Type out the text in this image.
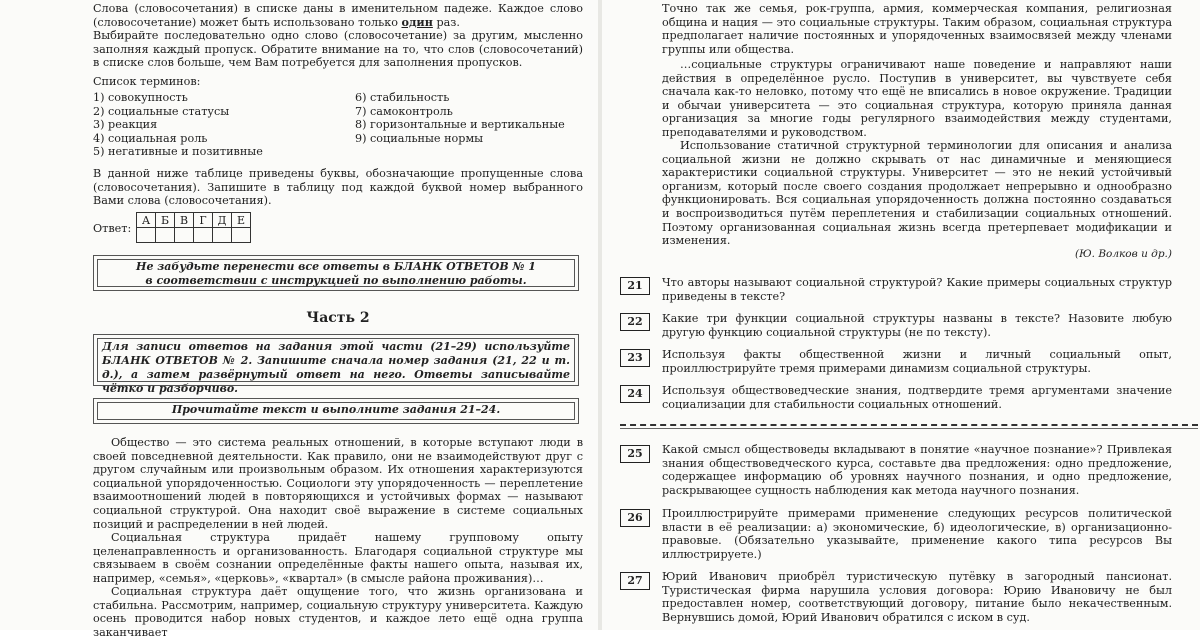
Слова (словосочетания) в списке даны в именительном падеже. Каждое слово (словосочетание) может быть использовано только один раз.
Выбирайте последовательно одно слово (словосочетание) за другим, мысленно заполняя каждый пропуск. Обратите внимание на то, что слов (словосочетаний) в списке слов больше, чем Вам потребуется для заполнения пропусков.
Список терминов:
1) совокупность
2) социальные статусы
3) реакция
4) социальная роль
5) негативные и позитивные
6) стабильность
7) самоконтроль
8) горизонтальные и вертикальные
9) социальные нормы
В данной ниже таблице приведены буквы, обозначающие пропущенные слова (словосочетания). Запишите в таблицу под каждой буквой номер выбранного Вами слова (словосочетания).
Ответ:
А	Б	В	Г	Д	Е

Не забудьте перенести все ответы в БЛАНК ОТВЕТОВ № 1 в соответствии с инструкцией по выполнению работы.
Часть 2
Для записи ответов на задания этой части (21–29) используйте БЛАНК ОТВЕТОВ № 2. Запишите сначала номер задания (21, 22 и т. д.), а затем развёрнутый ответ на него. Ответы записывайте чётко и разборчиво.
Прочитайте текст и выполните задания 21–24.
Общество — это система реальных отношений, в которые вступают люди в своей повседневной деятельности. Как правило, они не взаимодействуют друг с другом случайным или произвольным образом. Их отношения характеризуются социальной упорядоченностью. Социологи эту упорядоченность — переплетение взаимоотношений людей в повторяющихся и устойчивых формах — называют социальной структурой. Она находит своё выражение в системе социальных позиций и распределении в ней людей.
Социальная структура придаёт нашему групповому опыту целенаправленность и организованность. Благодаря социальной структуре мы связываем в своём сознании определённые факты нашего опыта, называя их, например, «семья», «церковь», «квартал» (в смысле района проживания)…
Социальная структура даёт ощущение того, что жизнь организована и стабильна. Рассмотрим, например, социальную структуру университета. Каждую осень проводится набор новых студентов, и каждое лето ещё одна группа заканчивает
Точно так же семья, рок-группа, армия, коммерческая компания, религиозная община и нация — это социальные структуры. Таким образом, социальная структура предполагает наличие постоянных и упорядоченных взаимосвязей между членами группы или общества.
…социальные структуры ограничивают наше поведение и направляют наши действия в определённое русло. Поступив в университет, вы чувствуете себя сначала как-то неловко, потому что ещё не вписались в новое окружение. Традиции и обычаи университета — это социальная структура, которую приняла данная организация за многие годы регулярного взаимодействия между студентами, преподавателями и руководством.
Использование статичной структурной терминологии для описания и анализа социальной жизни не должно скрывать от нас динамичные и меняющиеся характеристики социальной структуры. Университет — это не некий устойчивый организм, который после своего создания продолжает непрерывно и однообразно функционировать. Вся социальная упорядоченность должна постоянно создаваться и воспроизводиться путём переплетения и стабилизации социальных отношений. Поэтому организованная социальная жизнь всегда претерпевает модификации и изменения.
(Ю. Волков и др.)
21	Что авторы называют социальной структурой? Какие примеры социальных структур приведены в тексте?
22	Какие три функции социальной структуры названы в тексте? Назовите любую другую функцию социальной структуры (не по тексту).
23	Используя факты общественной жизни и личный социальный опыт, проиллюстрируйте тремя примерами динамизм социальной структуры.
24	Используя обществоведческие знания, подтвердите тремя аргументами значение социализации для стабильности социальных отношений.
25	Какой смысл обществоведы вкладывают в понятие «научное познание»? Привлекая знания обществоведческого курса, составьте два предложения: одно предложение, содержащее информацию об уровнях научного познания, и одно предложение, раскрывающее сущность наблюдения как метода научного познания.
26	Проиллюстрируйте примерами применение следующих ресурсов политической власти в её реализации: а) экономические, б) идеологические, в) организационно-правовые. (Обязательно указывайте, применение какого типа ресурсов Вы иллюстрируете.)
27	Юрий Иванович приобрёл туристическую путёвку в загородный пансионат. Туристическая фирма нарушила условия договора: Юрию Ивановичу не был предоставлен номер, соответствующий договору, питание было некачественным. Вернувшись домой, Юрий Иванович обратился с иском в суд.
